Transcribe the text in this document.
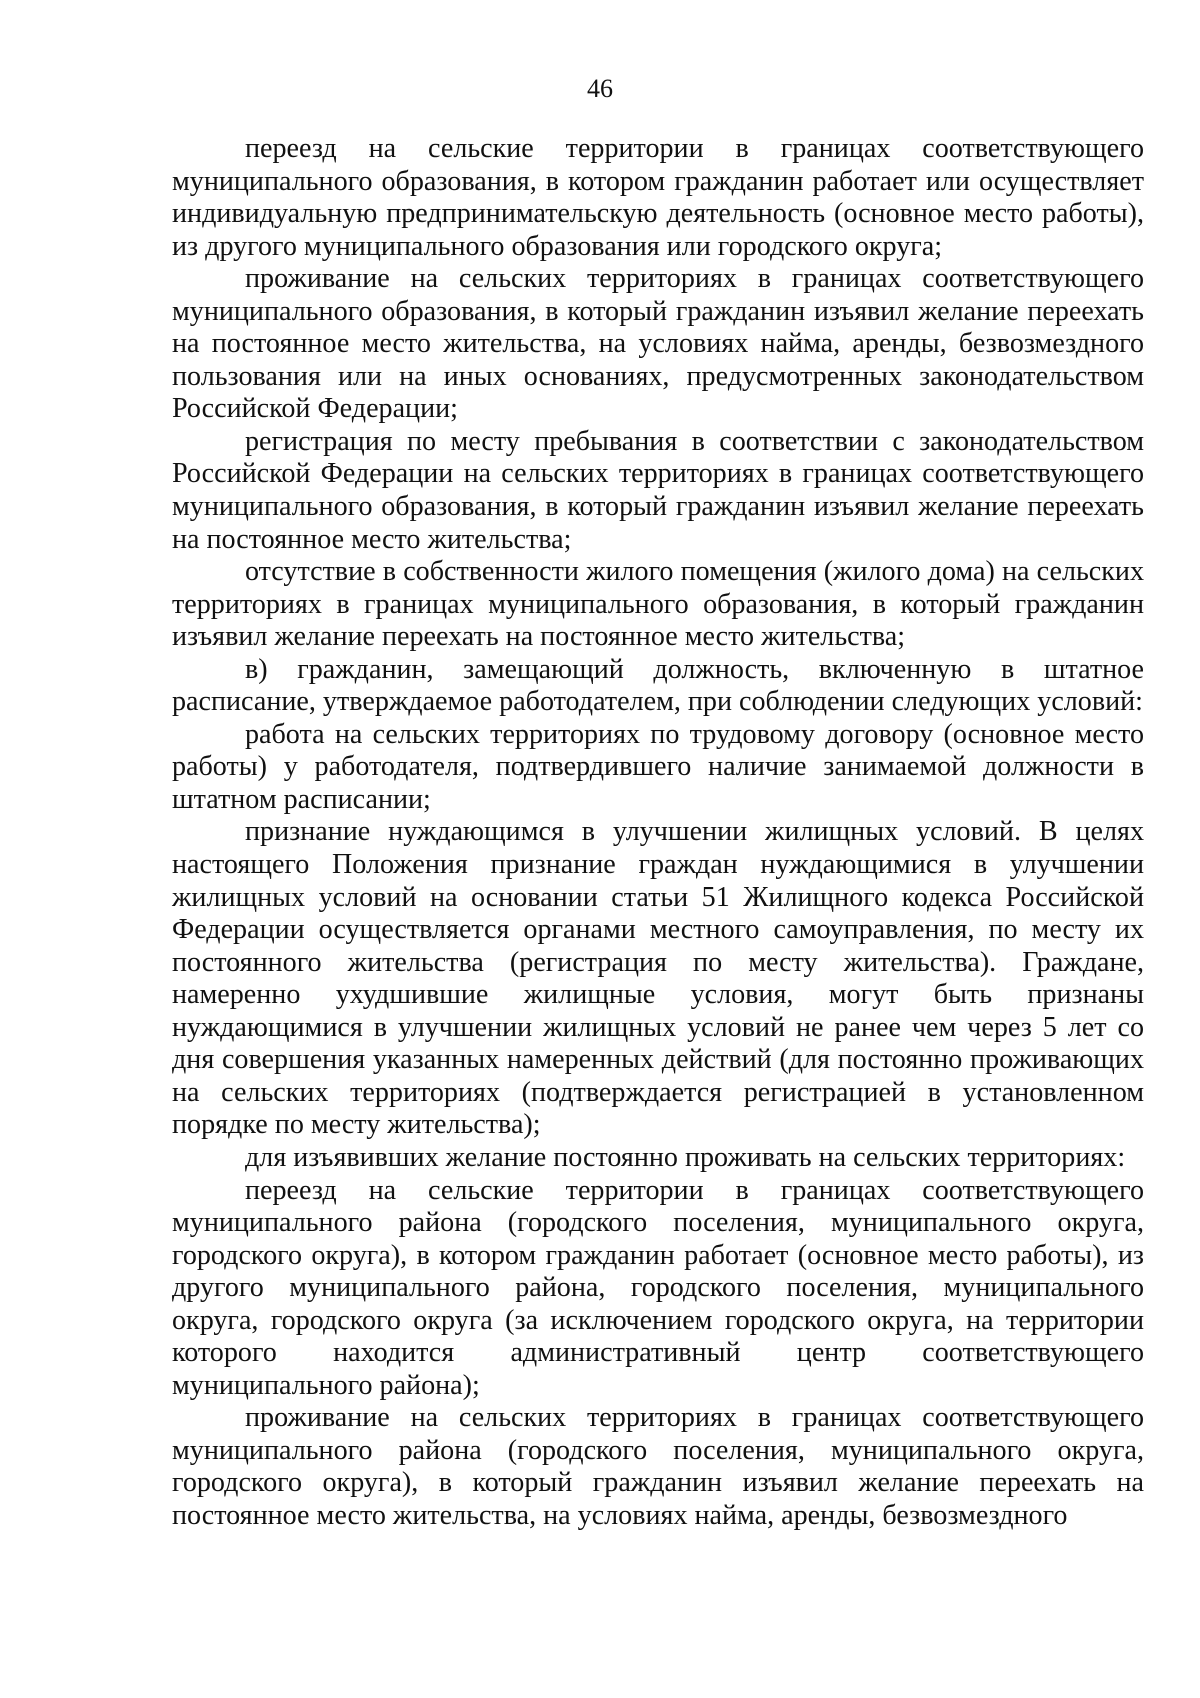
46

переезд на сельские территории в границах соответствующего муниципального образования, в котором гражданин работает или осуществляет индивидуальную предпринимательскую деятельность (основное место работы), из другого муниципального образования или городского округа;

проживание на сельских территориях в границах соответствующего муниципального образования, в который гражданин изъявил желание переехать на постоянное место жительства, на условиях найма, аренды, безвозмездного пользования или на иных основаниях, предусмотренных законодательством Российской Федерации;

регистрация по месту пребывания в соответствии с законодательством Российской Федерации на сельских территориях в границах соответствующего муниципального образования, в который гражданин изъявил желание переехать на постоянное место жительства;

отсутствие в собственности жилого помещения (жилого дома) на сельских территориях в границах муниципального образования, в который гражданин изъявил желание переехать на постоянное место жительства;

в) гражданин, замещающий должность, включенную в штатное расписание, утверждаемое работодателем, при соблюдении следующих условий:

работа на сельских территориях по трудовому договору (основное место работы) у работодателя, подтвердившего наличие занимаемой должности в штатном расписании;

признание нуждающимся в улучшении жилищных условий. В целях настоящего Положения признание граждан нуждающимися в улучшении жилищных условий на основании статьи 51 Жилищного кодекса Российской Федерации осуществляется органами местного самоуправления, по месту их постоянного жительства (регистрация по месту жительства). Граждане, намеренно ухудшившие жилищные условия, могут быть признаны нуждающимися в улучшении жилищных условий не ранее чем через 5 лет со дня совершения указанных намеренных действий (для постоянно проживающих на сельских территориях (подтверждается регистрацией в установленном порядке по месту жительства);

для изъявивших желание постоянно проживать на сельских территориях:

переезд на сельские территории в границах соответствующего муниципального района (городского поселения, муниципального округа, городского округа), в котором гражданин работает (основное место работы), из другого муниципального района, городского поселения, муниципального округа, городского округа (за исключением городского округа, на территории которого находится административный центр соответствующего муниципального района);

проживание на сельских территориях в границах соответствующего муниципального района (городского поселения, муниципального округа, городского округа), в который гражданин изъявил желание переехать на постоянное место жительства, на условиях найма, аренды, безвозмездного
